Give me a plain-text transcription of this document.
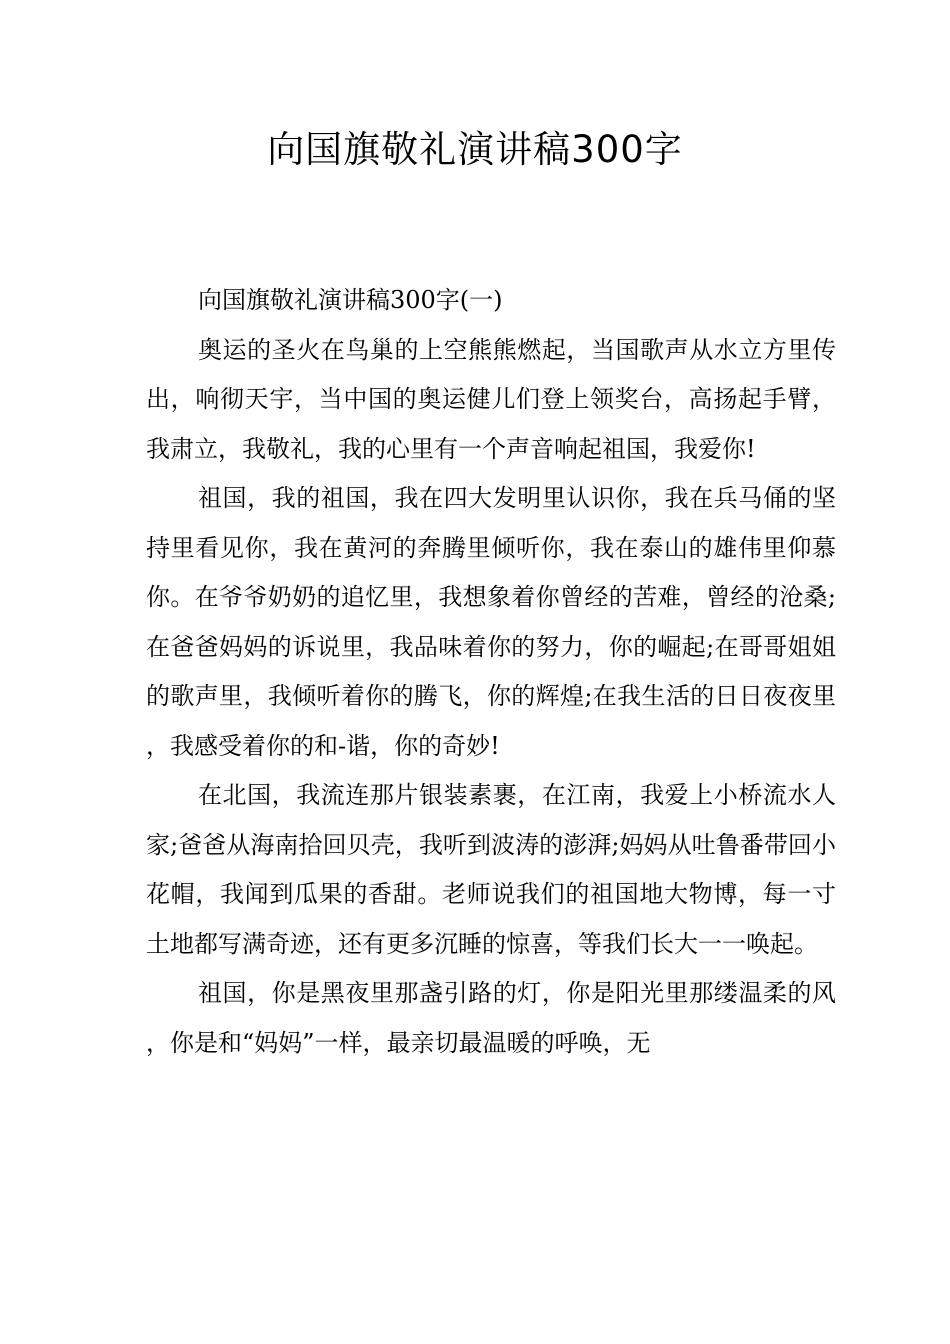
向国旗敬礼演讲稿300字

向国旗敬礼演讲稿300字(一)

奥运的圣火在鸟巢的上空熊熊燃起，当国歌声从水立方里传出，响彻天宇，当中国的奥运健儿们登上领奖台，高扬起手臂，我肃立，我敬礼，我的心里有一个声音响起祖国，我爱你!

祖国，我的祖国，我在四大发明里认识你，我在兵马俑的坚持里看见你，我在黄河的奔腾里倾听你，我在泰山的雄伟里仰慕你。在爷爷奶奶的追忆里，我想象着你曾经的苦难，曾经的沧桑;在爸爸妈妈的诉说里，我品味着你的努力，你的崛起;在哥哥姐姐的歌声里，我倾听着你的腾飞，你的辉煌;在我生活的日日夜夜里，我感受着你的和-谐，你的奇妙!

在北国，我流连那片银装素裹，在江南，我爱上小桥流水人家;爸爸从海南拾回贝壳，我听到波涛的澎湃;妈妈从吐鲁番带回小花帽，我闻到瓜果的香甜。老师说我们的祖国地大物博，每一寸土地都写满奇迹，还有更多沉睡的惊喜，等我们长大一一唤起。

祖国，你是黑夜里那盏引路的灯，你是阳光里那缕温柔的风，你是和“妈妈”一样，最亲切最温暖的呼唤，无
